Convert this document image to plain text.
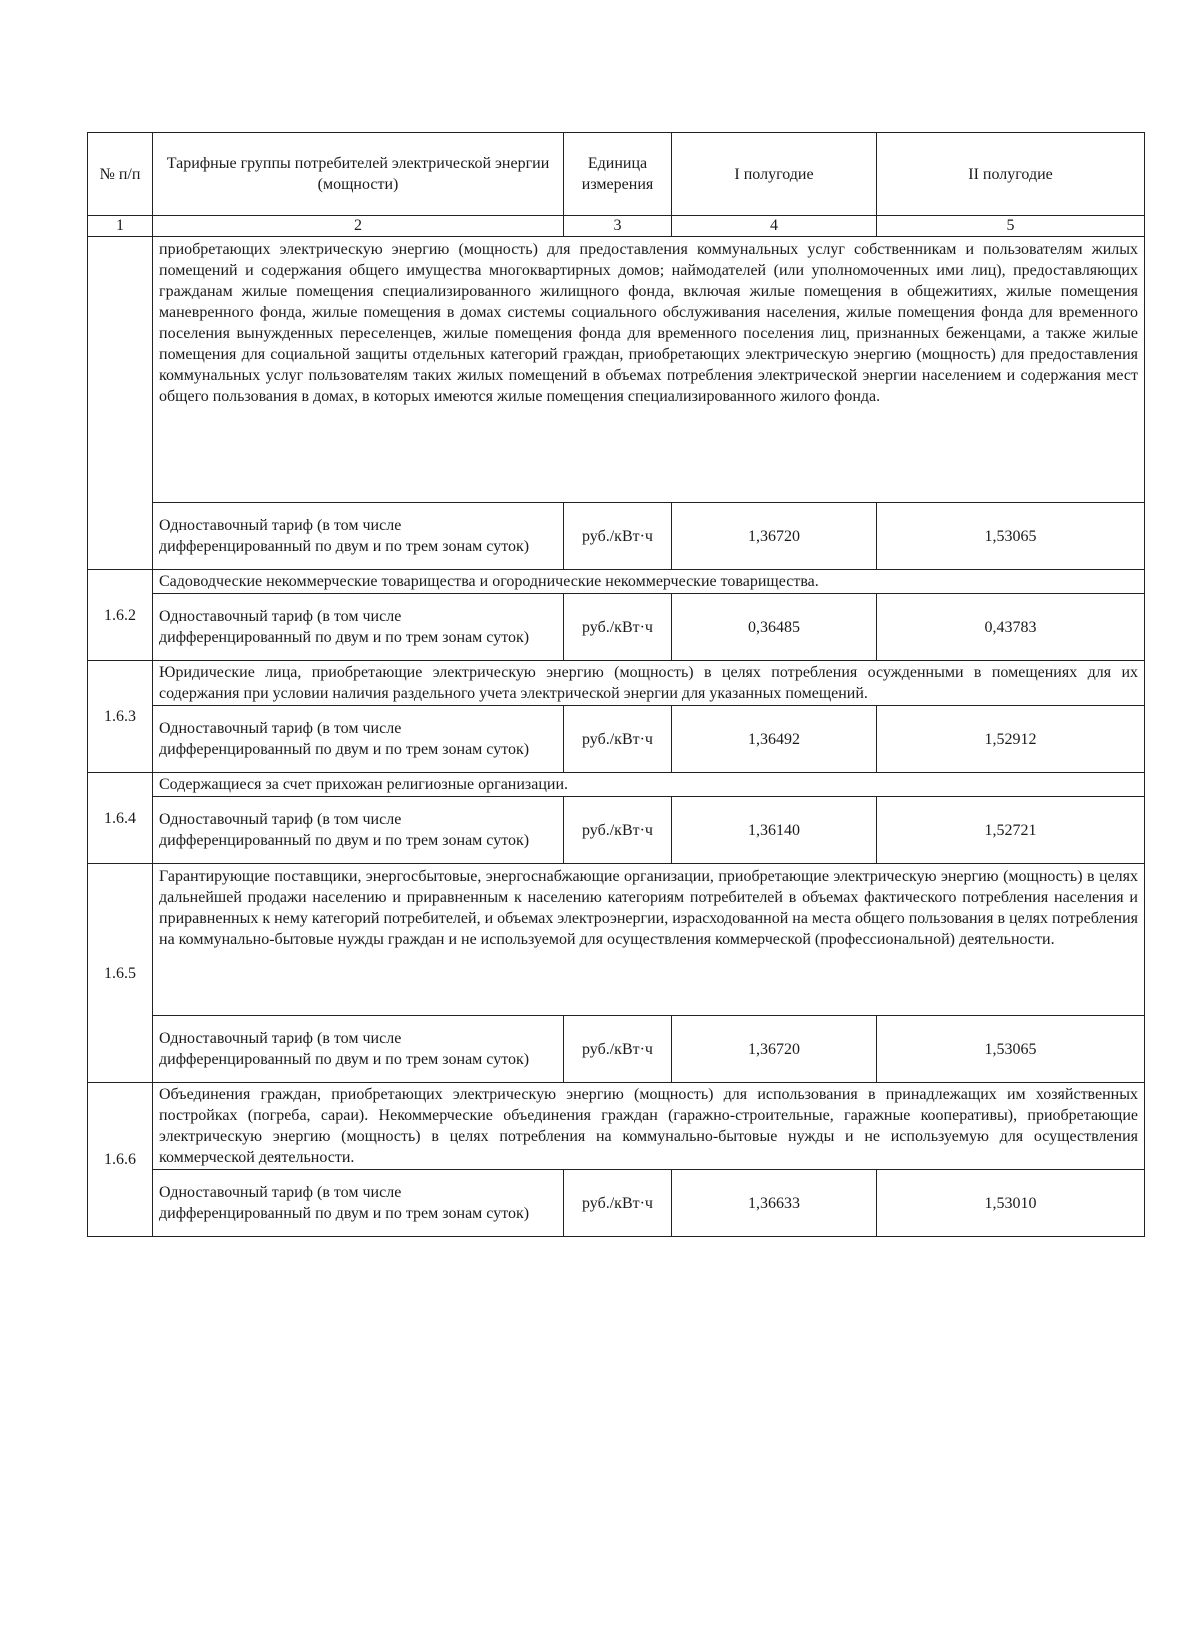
№ п/п	Тарифные группы потребителей электрической энергии (мощности)	Единица измерения	I полугодие	II полугодие
1	2	3	4	5
	приобретающих электрическую энергию (мощность) для предоставления коммунальных услуг собственникам и пользователям жилых помещений и содержания общего имущества многоквартирных домов; наймодателей (или уполномоченных ими лиц), предоставляющих гражданам жилые помещения специализированного жилищного фонда, включая жилые помещения в общежитиях, жилые помещения маневренного фонда, жилые помещения в домах системы социального обслуживания населения, жилые помещения фонда для временного поселения вынужденных переселенцев, жилые помещения фонда для временного поселения лиц, признанных беженцами, а также жилые помещения для социальной защиты отдельных категорий граждан, приобретающих электрическую энергию (мощность) для предоставления коммунальных услуг пользователям таких жилых помещений в объемах потребления электрической энергии населением и содержания мест общего пользования в домах, в которых имеются жилые помещения специализированного жилого фонда.			
	Одноставочный тариф (в том числе дифференцированный по двум и по трем зонам суток)	руб./кВт·ч	1,36720	1,53065
1.6.2	Садоводческие некоммерческие товарищества и огороднические некоммерческие товарищества.			
	Одноставочный тариф (в том числе дифференцированный по двум и по трем зонам суток)	руб./кВт·ч	0,36485	0,43783
1.6.3	Юридические лица, приобретающие электрическую энергию (мощность) в целях потребления осужденными в помещениях для их содержания при условии наличия раздельного учета электрической энергии для указанных помещений.			
	Одноставочный тариф (в том числе дифференцированный по двум и по трем зонам суток)	руб./кВт·ч	1,36492	1,52912
1.6.4	Содержащиеся за счет прихожан религиозные организации.			
	Одноставочный тариф (в том числе дифференцированный по двум и по трем зонам суток)	руб./кВт·ч	1,36140	1,52721
1.6.5	Гарантирующие поставщики, энергосбытовые, энергоснабжающие организации, приобретающие электрическую энергию (мощность) в целях дальнейшей продажи населению и приравненным к населению категориям потребителей в объемах фактического потребления населения и приравненных к нему категорий потребителей, и объемах электроэнергии, израсходованной на места общего пользования в целях потребления на коммунально-бытовые нужды граждан и не используемой для осуществления коммерческой (профессиональной) деятельности.			
	Одноставочный тариф (в том числе дифференцированный по двум и по трем зонам суток)	руб./кВт·ч	1,36720	1,53065
1.6.6	Объединения граждан, приобретающих электрическую энергию (мощность) для использования в принадлежащих им хозяйственных постройках (погреба, сараи). Некоммерческие объединения граждан (гаражно-строительные, гаражные кооперативы), приобретающие электрическую энергию (мощность) в целях потребления на коммунально-бытовые нужды и не используемую для осуществления коммерческой деятельности.			
	Одноставочный тариф (в том числе дифференцированный по двум и по трем зонам суток)	руб./кВт·ч	1,36633	1,53010
